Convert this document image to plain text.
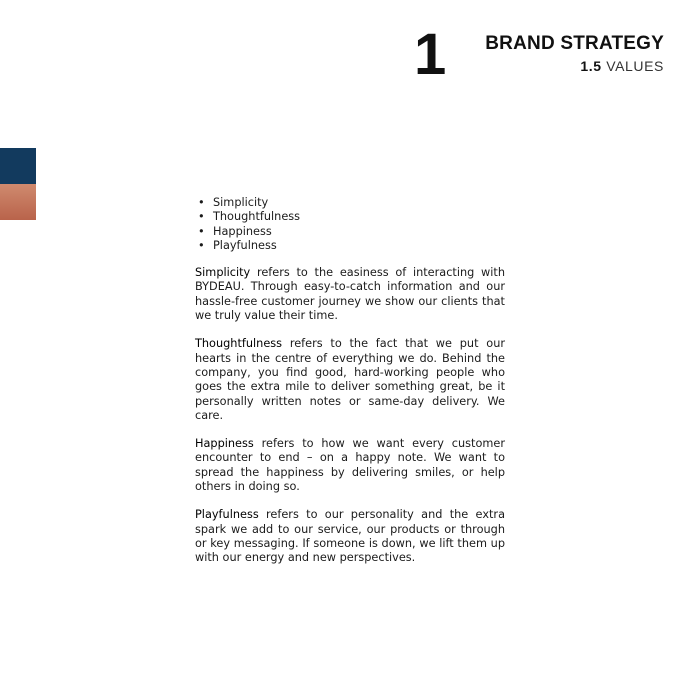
1 BRAND STRATEGY
1.5 VALUES
• Simplicity
• Thoughtfulness
• Happiness
• Playfulness

Simplicity refers to the easiness of interacting with BYDEAU. Through easy-to-catch information and our hassle-free customer journey we show our clients that we truly value their time.

Thoughtfulness refers to the fact that we put our hearts in the centre of everything we do. Behind the company, you find good, hard-working people who goes the extra mile to deliver something great, be it personally written notes or same-day delivery. We care.

Happiness refers to how we want every customer encounter to end – on a happy note. We want to spread the happiness by delivering smiles, or help others in doing so.

Playfulness refers to our personality and the extra spark we add to our service, our products or through or key messaging. If someone is down, we lift them up with our energy and new perspectives.
